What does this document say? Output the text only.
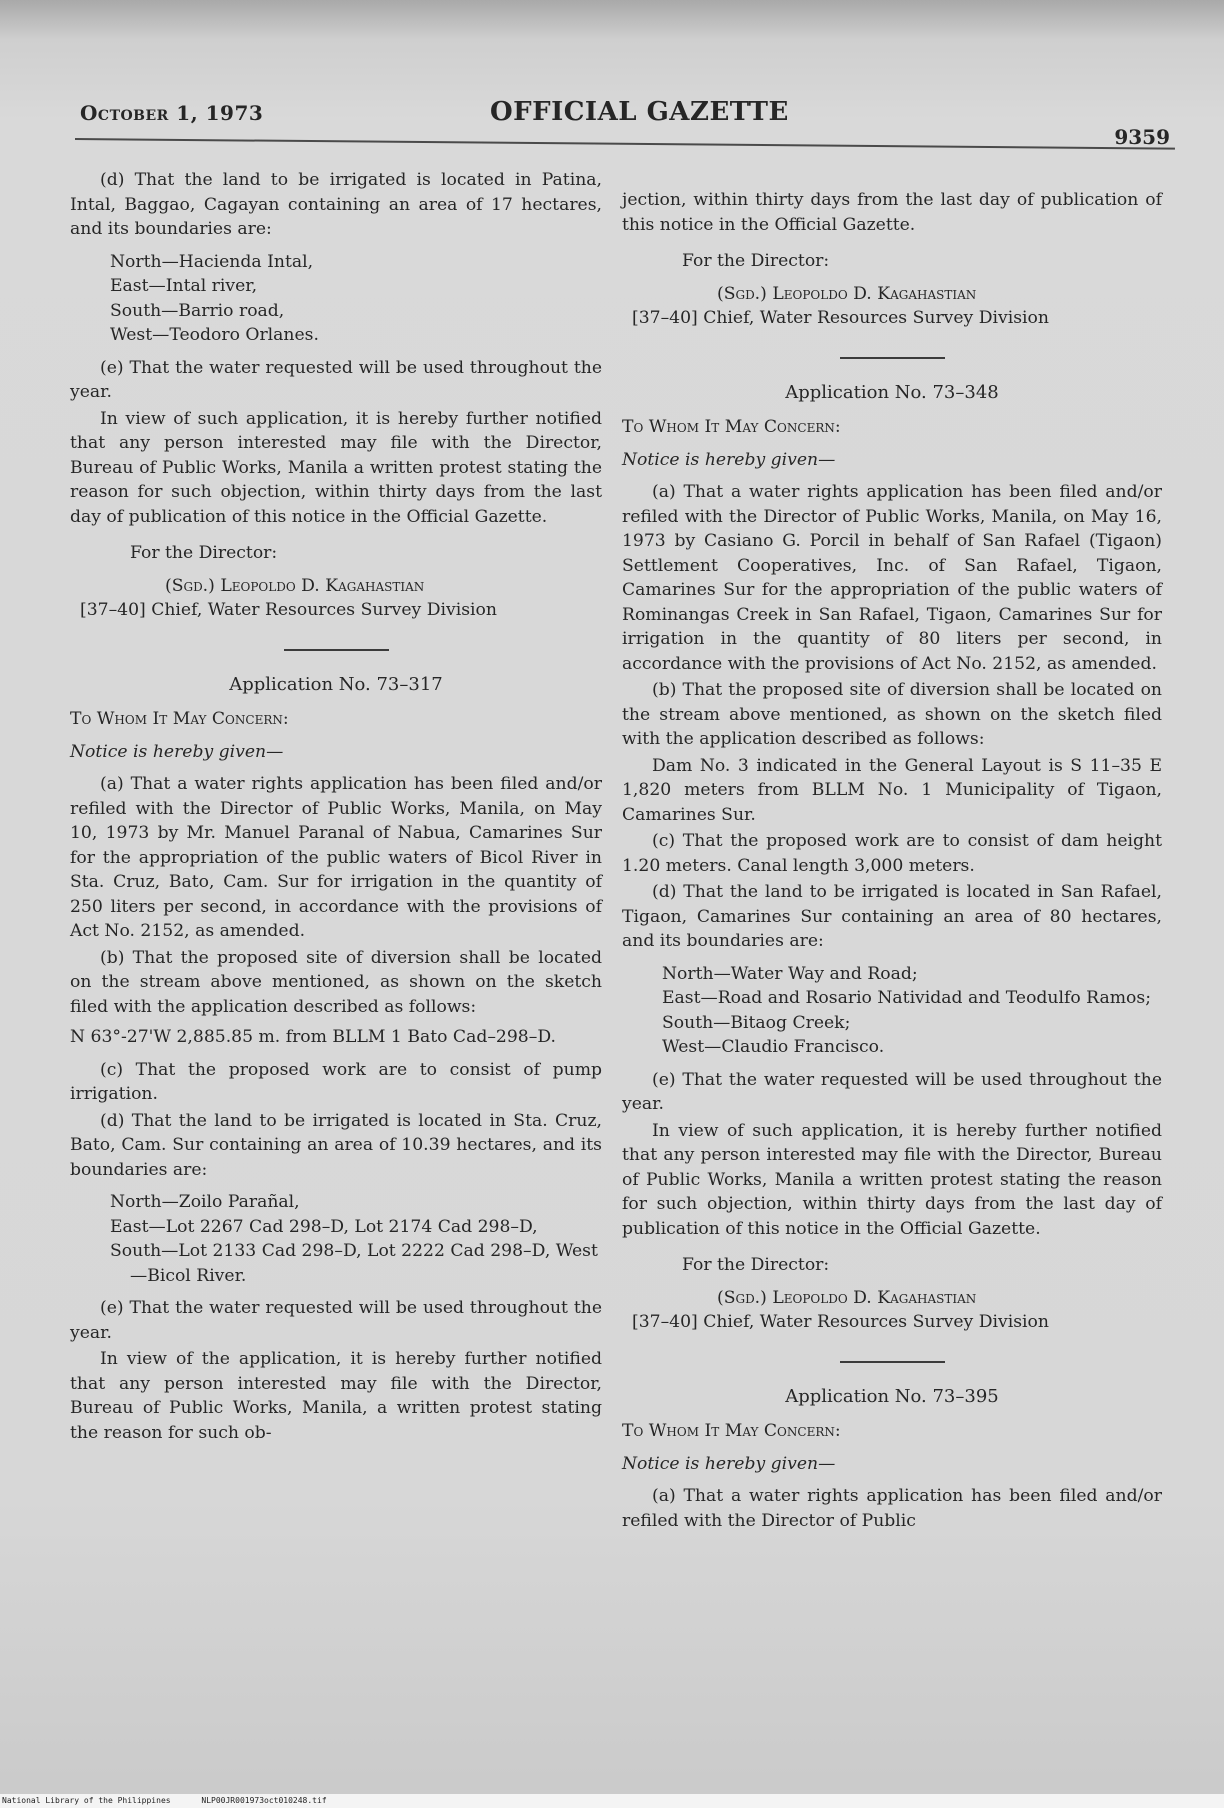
October 1, 1973	OFFICIAL GAZETTE
9359

(d) That the land to be irrigated is located in Patina, Intal, Baggao, Cagayan containing an area of 17 hectares, and its boundaries are:

North—Hacienda Intal,
East—Intal river,
South—Barrio road,
West—Teodoro Orlanes.

(e) That the water requested will be used throughout the year.

In view of such application, it is hereby further notified that any person interested may file with the Director, Bureau of Public Works, Manila a written protest stating the reason for such objection, within thirty days from the last day of publication of this notice in the Official Gazette.

For the Director:
(Sgd.) Leopoldo D. Kagahastian
[37–40] Chief, Water Resources Survey Division
Application No. 73–317
To Whom It May Concern:
Notice is hereby given—

(a) That a water rights application has been filed and/or refiled with the Director of Public Works, Manila, on May 10, 1973 by Mr. Manuel Paranal of Nabua, Camarines Sur for the appropriation of the public waters of Bicol River in Sta. Cruz, Bato, Cam. Sur for irrigation in the quantity of 250 liters per second, in accordance with the provisions of Act No. 2152, as amended.

(b) That the proposed site of diversion shall be located on the stream above mentioned, as shown on the sketch filed with the application described as follows:

N 63°-27'W 2,885.85 m. from BLLM 1 Bato Cad–298–D.

(c) That the proposed work are to consist of pump irrigation.

(d) That the land to be irrigated is located in Sta. Cruz, Bato, Cam. Sur containing an area of 10.39 hectares, and its boundaries are:

North—Zoilo Parañal,
East—Lot 2267 Cad 298–D, Lot 2174 Cad 298–D,
South—Lot 2133 Cad 298–D, Lot 2222 Cad 298–D, West—Bicol River.

(e) That the water requested will be used throughout the year.

In view of the application, it is hereby further notified that any person interested may file with the Director, Bureau of Public Works, Manila, a written protest stating the reason for such ob-

jection, within thirty days from the last day of publication of this notice in the Official Gazette.

For the Director:
(Sgd.) Leopoldo D. Kagahastian
[37–40] Chief, Water Resources Survey Division
Application No. 73–348
To Whom It May Concern:
Notice is hereby given—

(a) That a water rights application has been filed and/or refiled with the Director of Public Works, Manila, on May 16, 1973 by Casiano G. Porcil in behalf of San Rafael (Tigaon) Settlement Cooperatives, Inc. of San Rafael, Tigaon, Camarines Sur for the appropriation of the public waters of Rominangas Creek in San Rafael, Tigaon, Camarines Sur for irrigation in the quantity of 80 liters per second, in accordance with the provisions of Act No. 2152, as amended.

(b) That the proposed site of diversion shall be located on the stream above mentioned, as shown on the sketch filed with the application described as follows:

Dam No. 3 indicated in the General Layout is S 11–35 E 1,820 meters from BLLM No. 1 Municipality of Tigaon, Camarines Sur.

(c) That the proposed work are to consist of dam height 1.20 meters. Canal length 3,000 meters.

(d) That the land to be irrigated is located in San Rafael, Tigaon, Camarines Sur containing an area of 80 hectares, and its boundaries are:

North—Water Way and Road;
East—Road and Rosario Natividad and Teodulfo Ramos;
South—Bitaog Creek;
West—Claudio Francisco.

(e) That the water requested will be used throughout the year.

In view of such application, it is hereby further notified that any person interested may file with the Director, Bureau of Public Works, Manila a written protest stating the reason for such objection, within thirty days from the last day of publication of this notice in the Official Gazette.

For the Director:
(Sgd.) Leopoldo D. Kagahastian
[37–40] Chief, Water Resources Survey Division
Application No. 73–395
To Whom It May Concern:
Notice is hereby given—

(a) That a water rights application has been filed and/or refiled with the Director of Public

National Library of the Philippines	NLP00JR001973oct010248.tif
